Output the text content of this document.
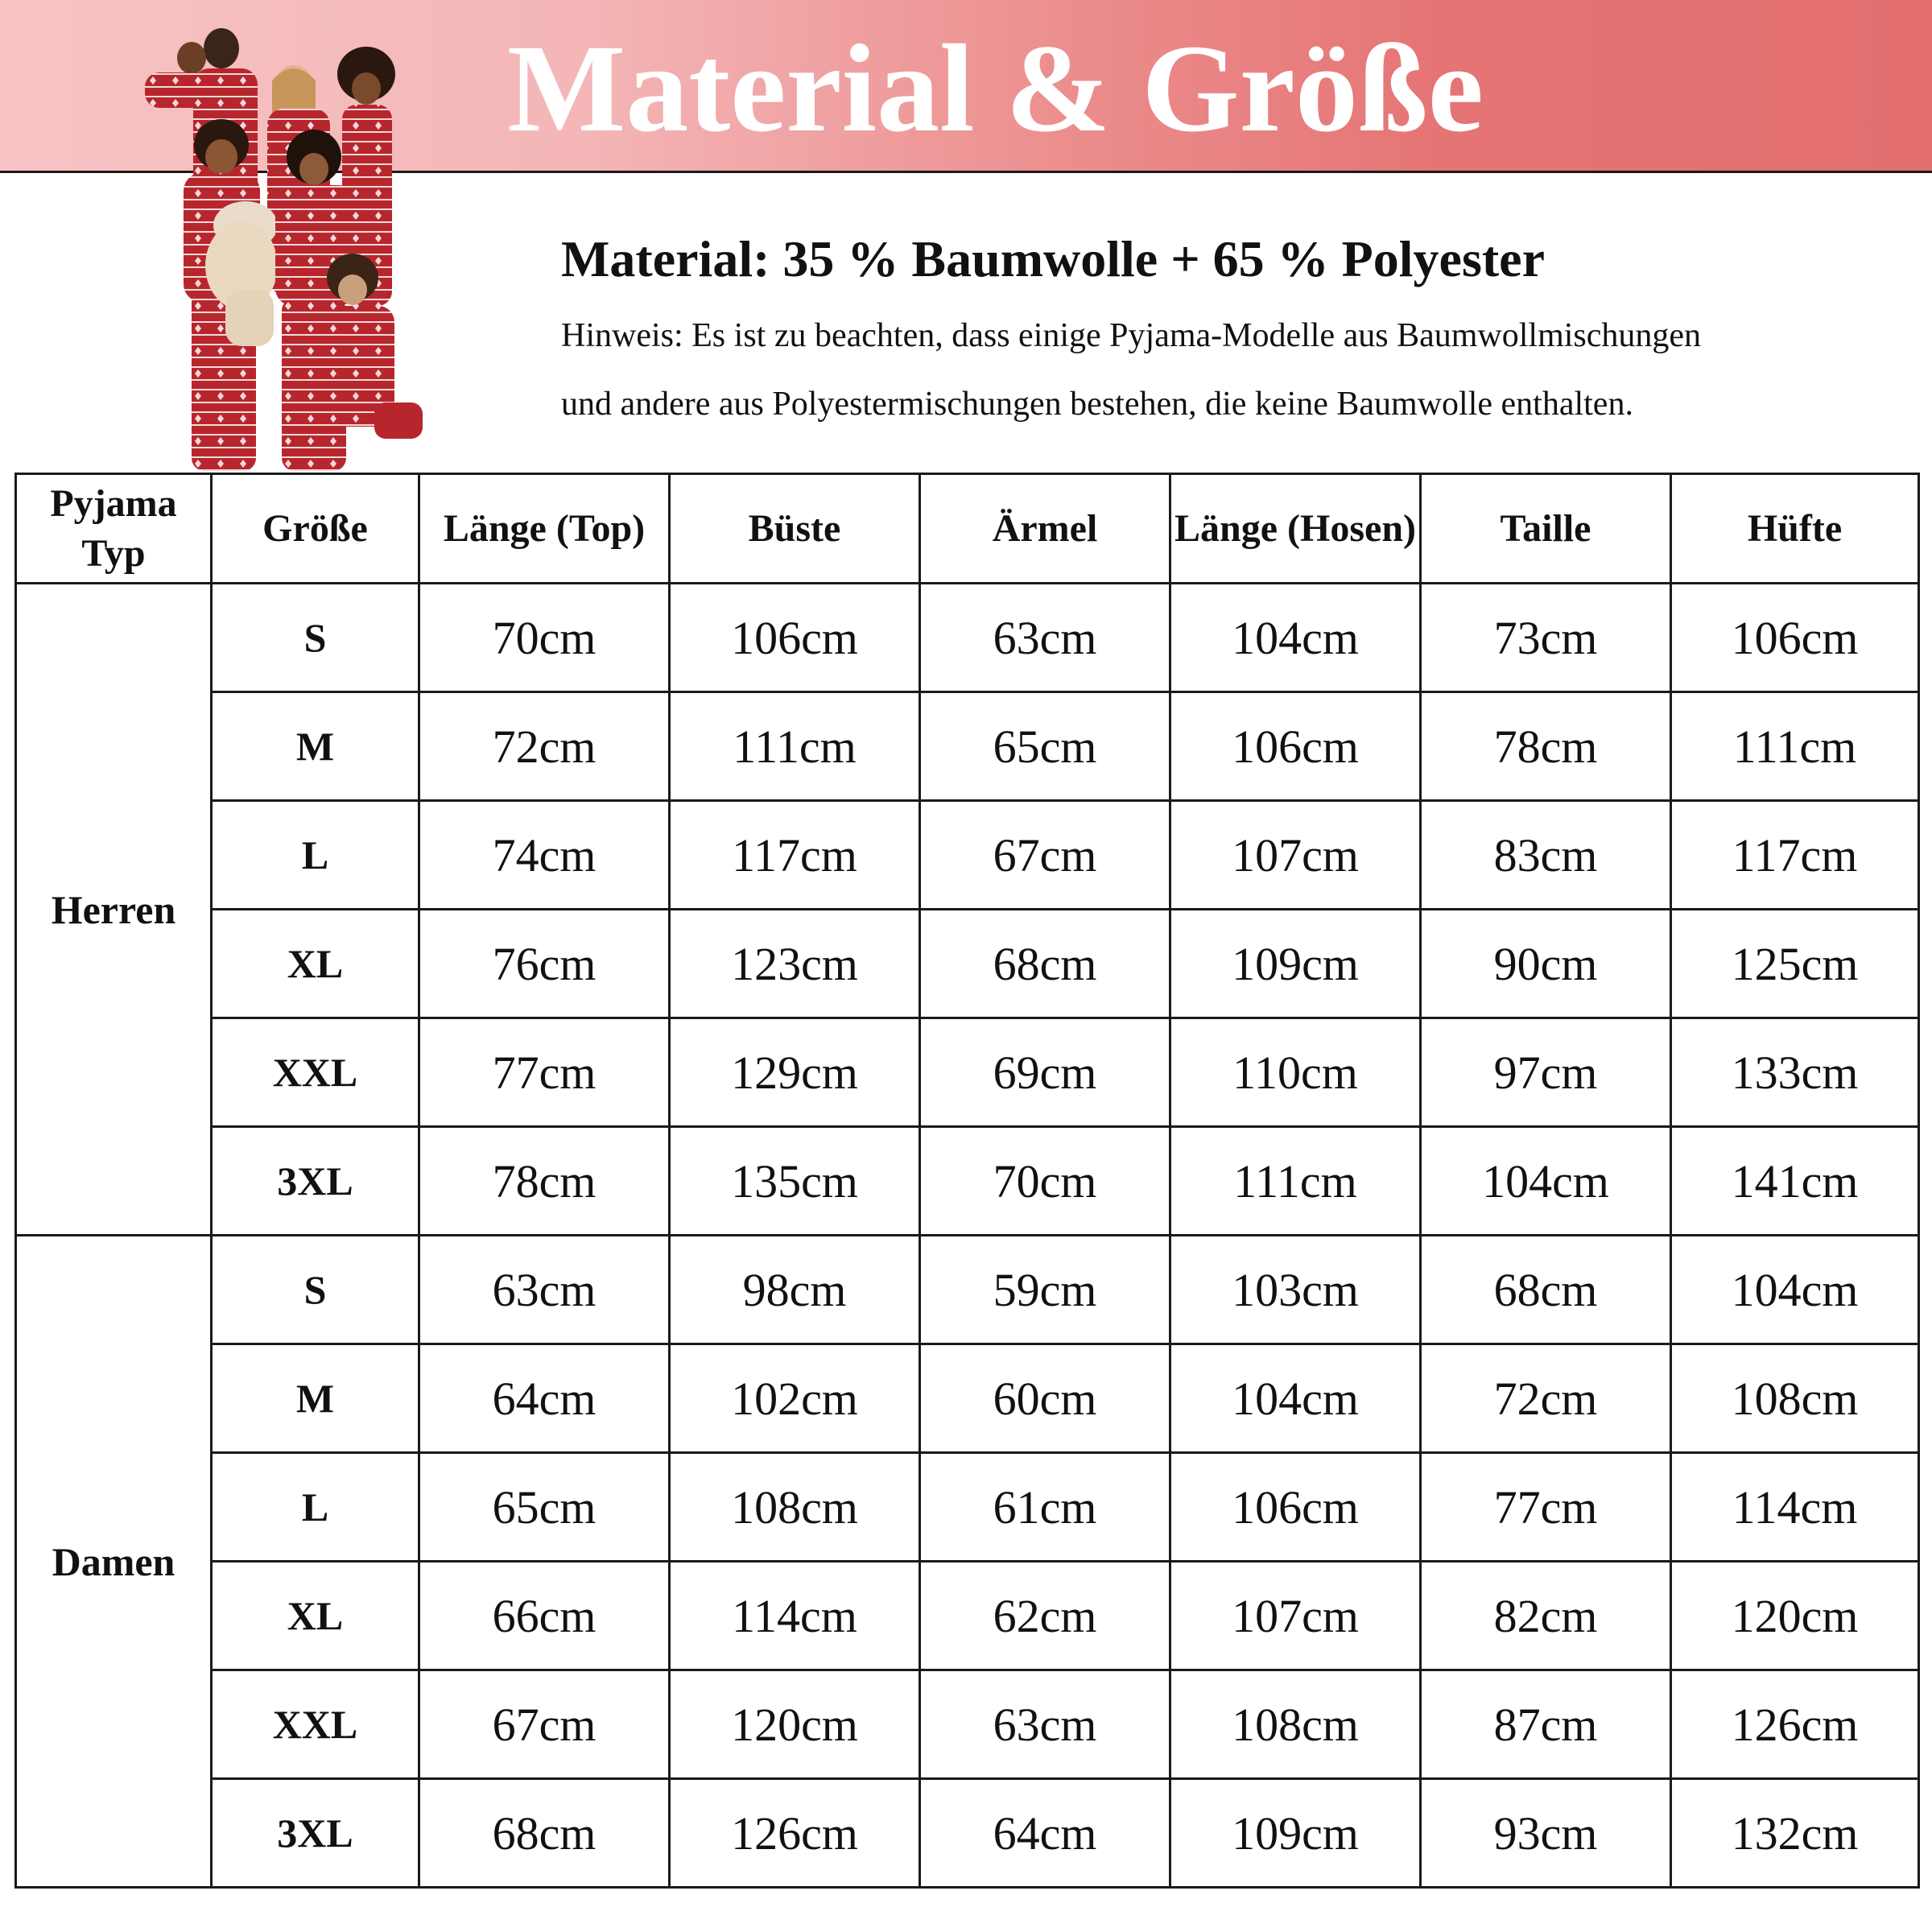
Material & Größe
Material: 35 % Baumwolle + 65 % Polyester
Hinweis: Es ist zu beachten, dass einige Pyjama-Modelle aus Baumwollmischungen
und andere aus Polyestermischungen bestehen, die keine Baumwolle enthalten.
Pyjama Typ	Größe	Länge (Top)	Büste	Ärmel	Länge (Hosen)	Taille	Hüfte
Herren	S	70cm	106cm	63cm	104cm	73cm	106cm
	M	72cm	111cm	65cm	106cm	78cm	111cm
	L	74cm	117cm	67cm	107cm	83cm	117cm
	XL	76cm	123cm	68cm	109cm	90cm	125cm
	XXL	77cm	129cm	69cm	110cm	97cm	133cm
	3XL	78cm	135cm	70cm	111cm	104cm	141cm
Damen	S	63cm	98cm	59cm	103cm	68cm	104cm
	M	64cm	102cm	60cm	104cm	72cm	108cm
	L	65cm	108cm	61cm	106cm	77cm	114cm
	XL	66cm	114cm	62cm	107cm	82cm	120cm
	XXL	67cm	120cm	63cm	108cm	87cm	126cm
	3XL	68cm	126cm	64cm	109cm	93cm	132cm
